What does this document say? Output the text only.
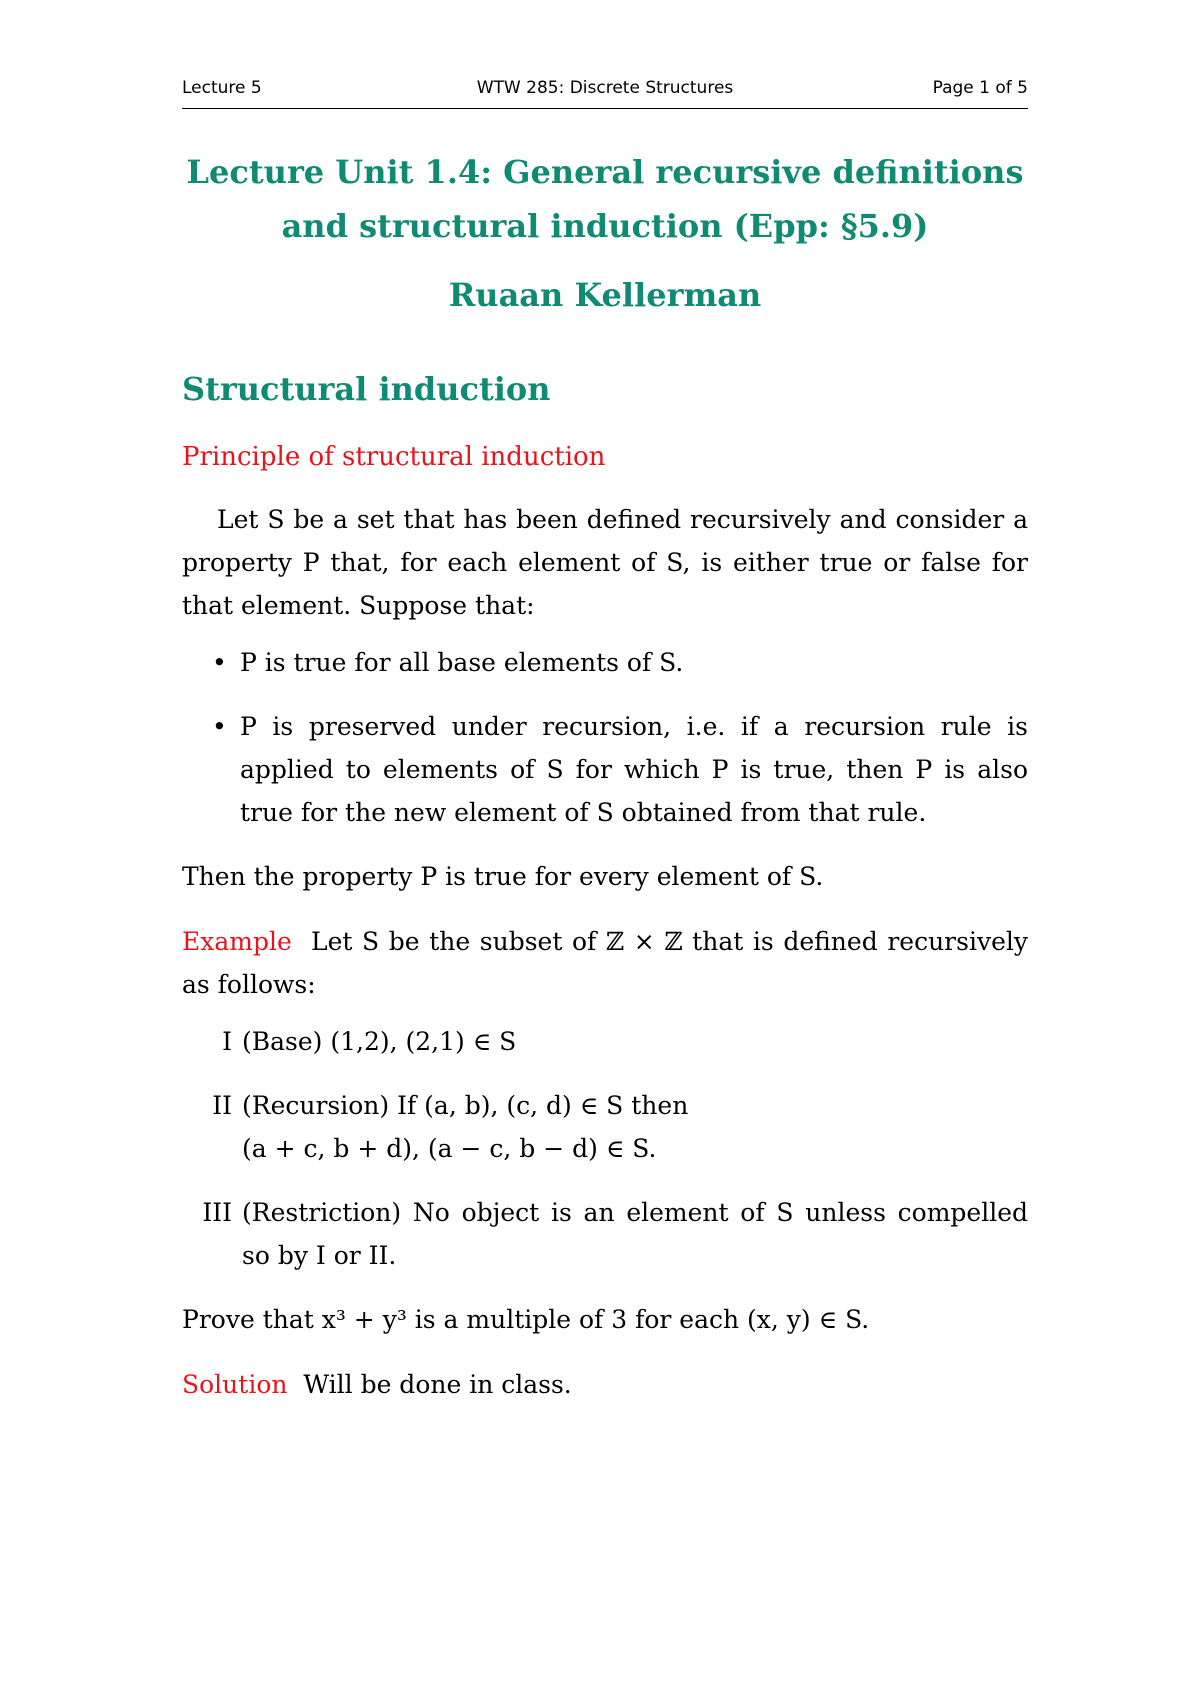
Lecture 5	WTW 285: Discrete Structures	Page 1 of 5
Lecture Unit 1.4: General recursive definitions
and structural induction (Epp: §5.9)
Ruaan Kellerman
Structural induction
Principle of structural induction

Let S be a set that has been defined recursively and consider a property P that, for each element of S, is either true or false for that element. Suppose that:

• P is true for all base elements of S.
• P is preserved under recursion, i.e. if a recursion rule is applied to elements of S for which P is true, then P is also true for the new element of S obtained from that rule.

Then the property P is true for every element of S.

Example Let S be the subset of ℤ × ℤ that is defined recursively as follows:

I (Base) (1,2), (2,1) ∈ S
II (Recursion) If (a, b), (c, d) ∈ S then
(a + c, b + d), (a − c, b − d) ∈ S.
III (Restriction) No object is an element of S unless compelled so by I or II.

Prove that x³ + y³ is a multiple of 3 for each (x, y) ∈ S.

Solution Will be done in class.
